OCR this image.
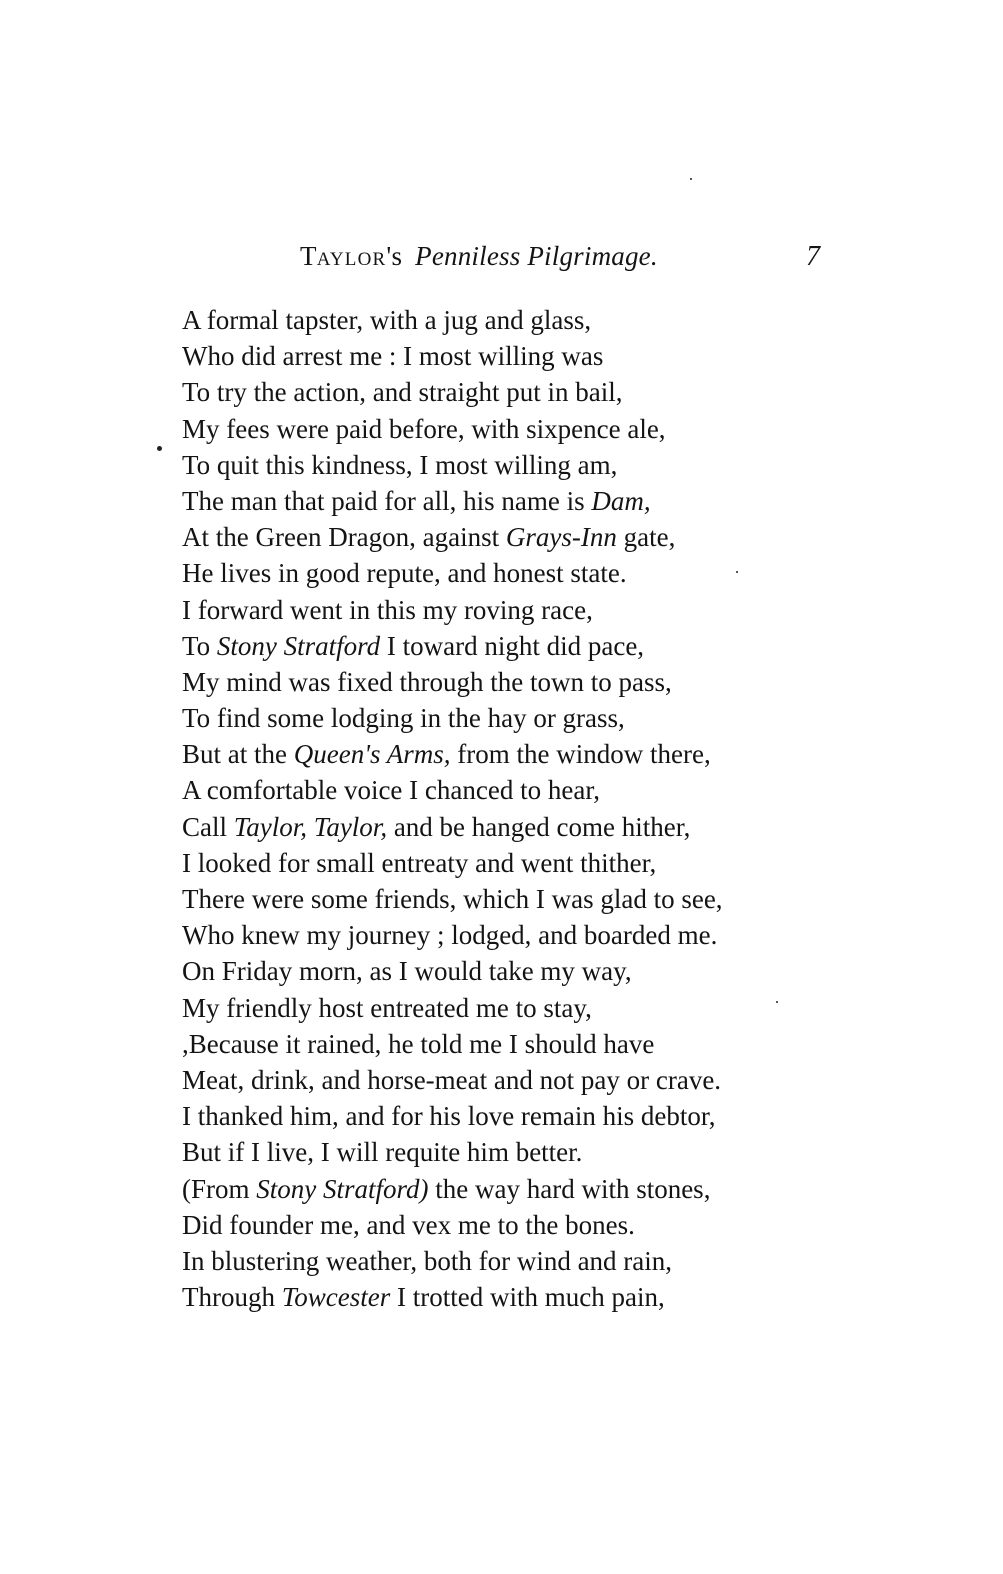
TAYLOR's Penniless Pilgrimage.	7
A formal tapster, with a jug and glass,
Who did arrest me : I most willing was
To try the action, and straight put in bail,
My fees were paid before, with sixpence ale,
To quit this kindness, I most willing am,
The man that paid for all, his name is Dam,
At the Green Dragon, against Grays-Inn gate,
He lives in good repute, and honest state.
I forward went in this my roving race,
To Stony Stratford I toward night did pace,
My mind was fixed through the town to pass,
To find some lodging in the hay or grass,
But at the Queen's Arms, from the window there,
A comfortable voice I chanced to hear,
Call Taylor, Taylor, and be hanged come hither,
I looked for small entreaty and went thither,
There were some friends, which I was glad to see,
Who knew my journey ; lodged, and boarded me.
On Friday morn, as I would take my way,
My friendly host entreated me to stay,
,Because it rained, he told me I should have
Meat, drink, and horse-meat and not pay or crave.
I thanked him, and for his love remain his debtor,
But if I live, I will requite him better.
(From Stony Stratford) the way hard with stones,
Did founder me, and vex me to the bones.
In blustering weather, both for wind and rain,
Through Towcester I trotted with much pain,
